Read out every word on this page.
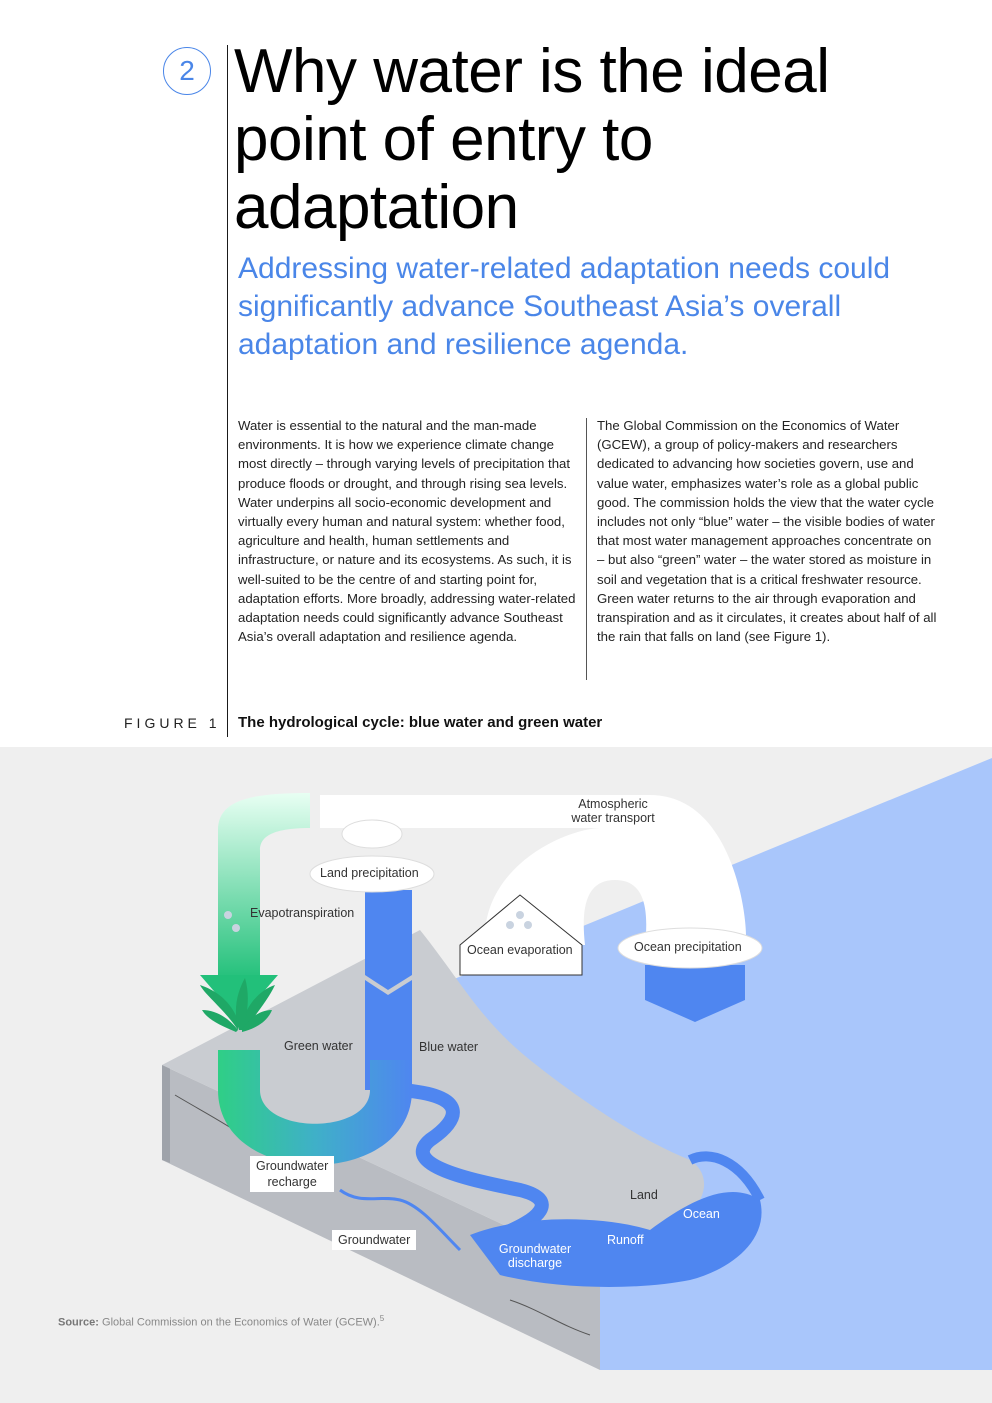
2 Why water is the ideal point of entry to adaptation

Addressing water-related adaptation needs could significantly advance Southeast Asia’s overall adaptation and resilience agenda.

Water is essential to the natural and the man-made environments. It is how we experience climate change most directly – through varying levels of precipitation that produce floods or drought, and through rising sea levels. Water underpins all socio-economic development and virtually every human and natural system: whether food, agriculture and health, human settlements and infrastructure, or nature and its ecosystems. As such, it is well-suited to be the centre of and starting point for, adaptation efforts. More broadly, addressing water-related adaptation needs could significantly advance Southeast Asia’s overall adaptation and resilience agenda.

The Global Commission on the Economics of Water (GCEW), a group of policy-makers and researchers dedicated to advancing how societies govern, use and value water, emphasizes water’s role as a global public good. The commission holds the view that the water cycle includes not only “blue” water – the visible bodies of water that most water management approaches concentrate on – but also “green” water – the water stored as moisture in soil and vegetation that is a critical freshwater resource. Green water returns to the air through evaporation and transpiration and as it circulates, it creates about half of all the rain that falls on land (see Figure 1).

FIGURE 1 The hydrological cycle: blue water and green water
Atmospheric
water transport
Land precipitation
Evapotranspiration
Ocean evaporation	Ocean precipitation
Green water	Blue water
Groundwater
recharge
Groundwater
Land
Ocean
Runoff
Groundwater
discharge
Source: Global Commission on the Economics of Water (GCEW).$^5$
